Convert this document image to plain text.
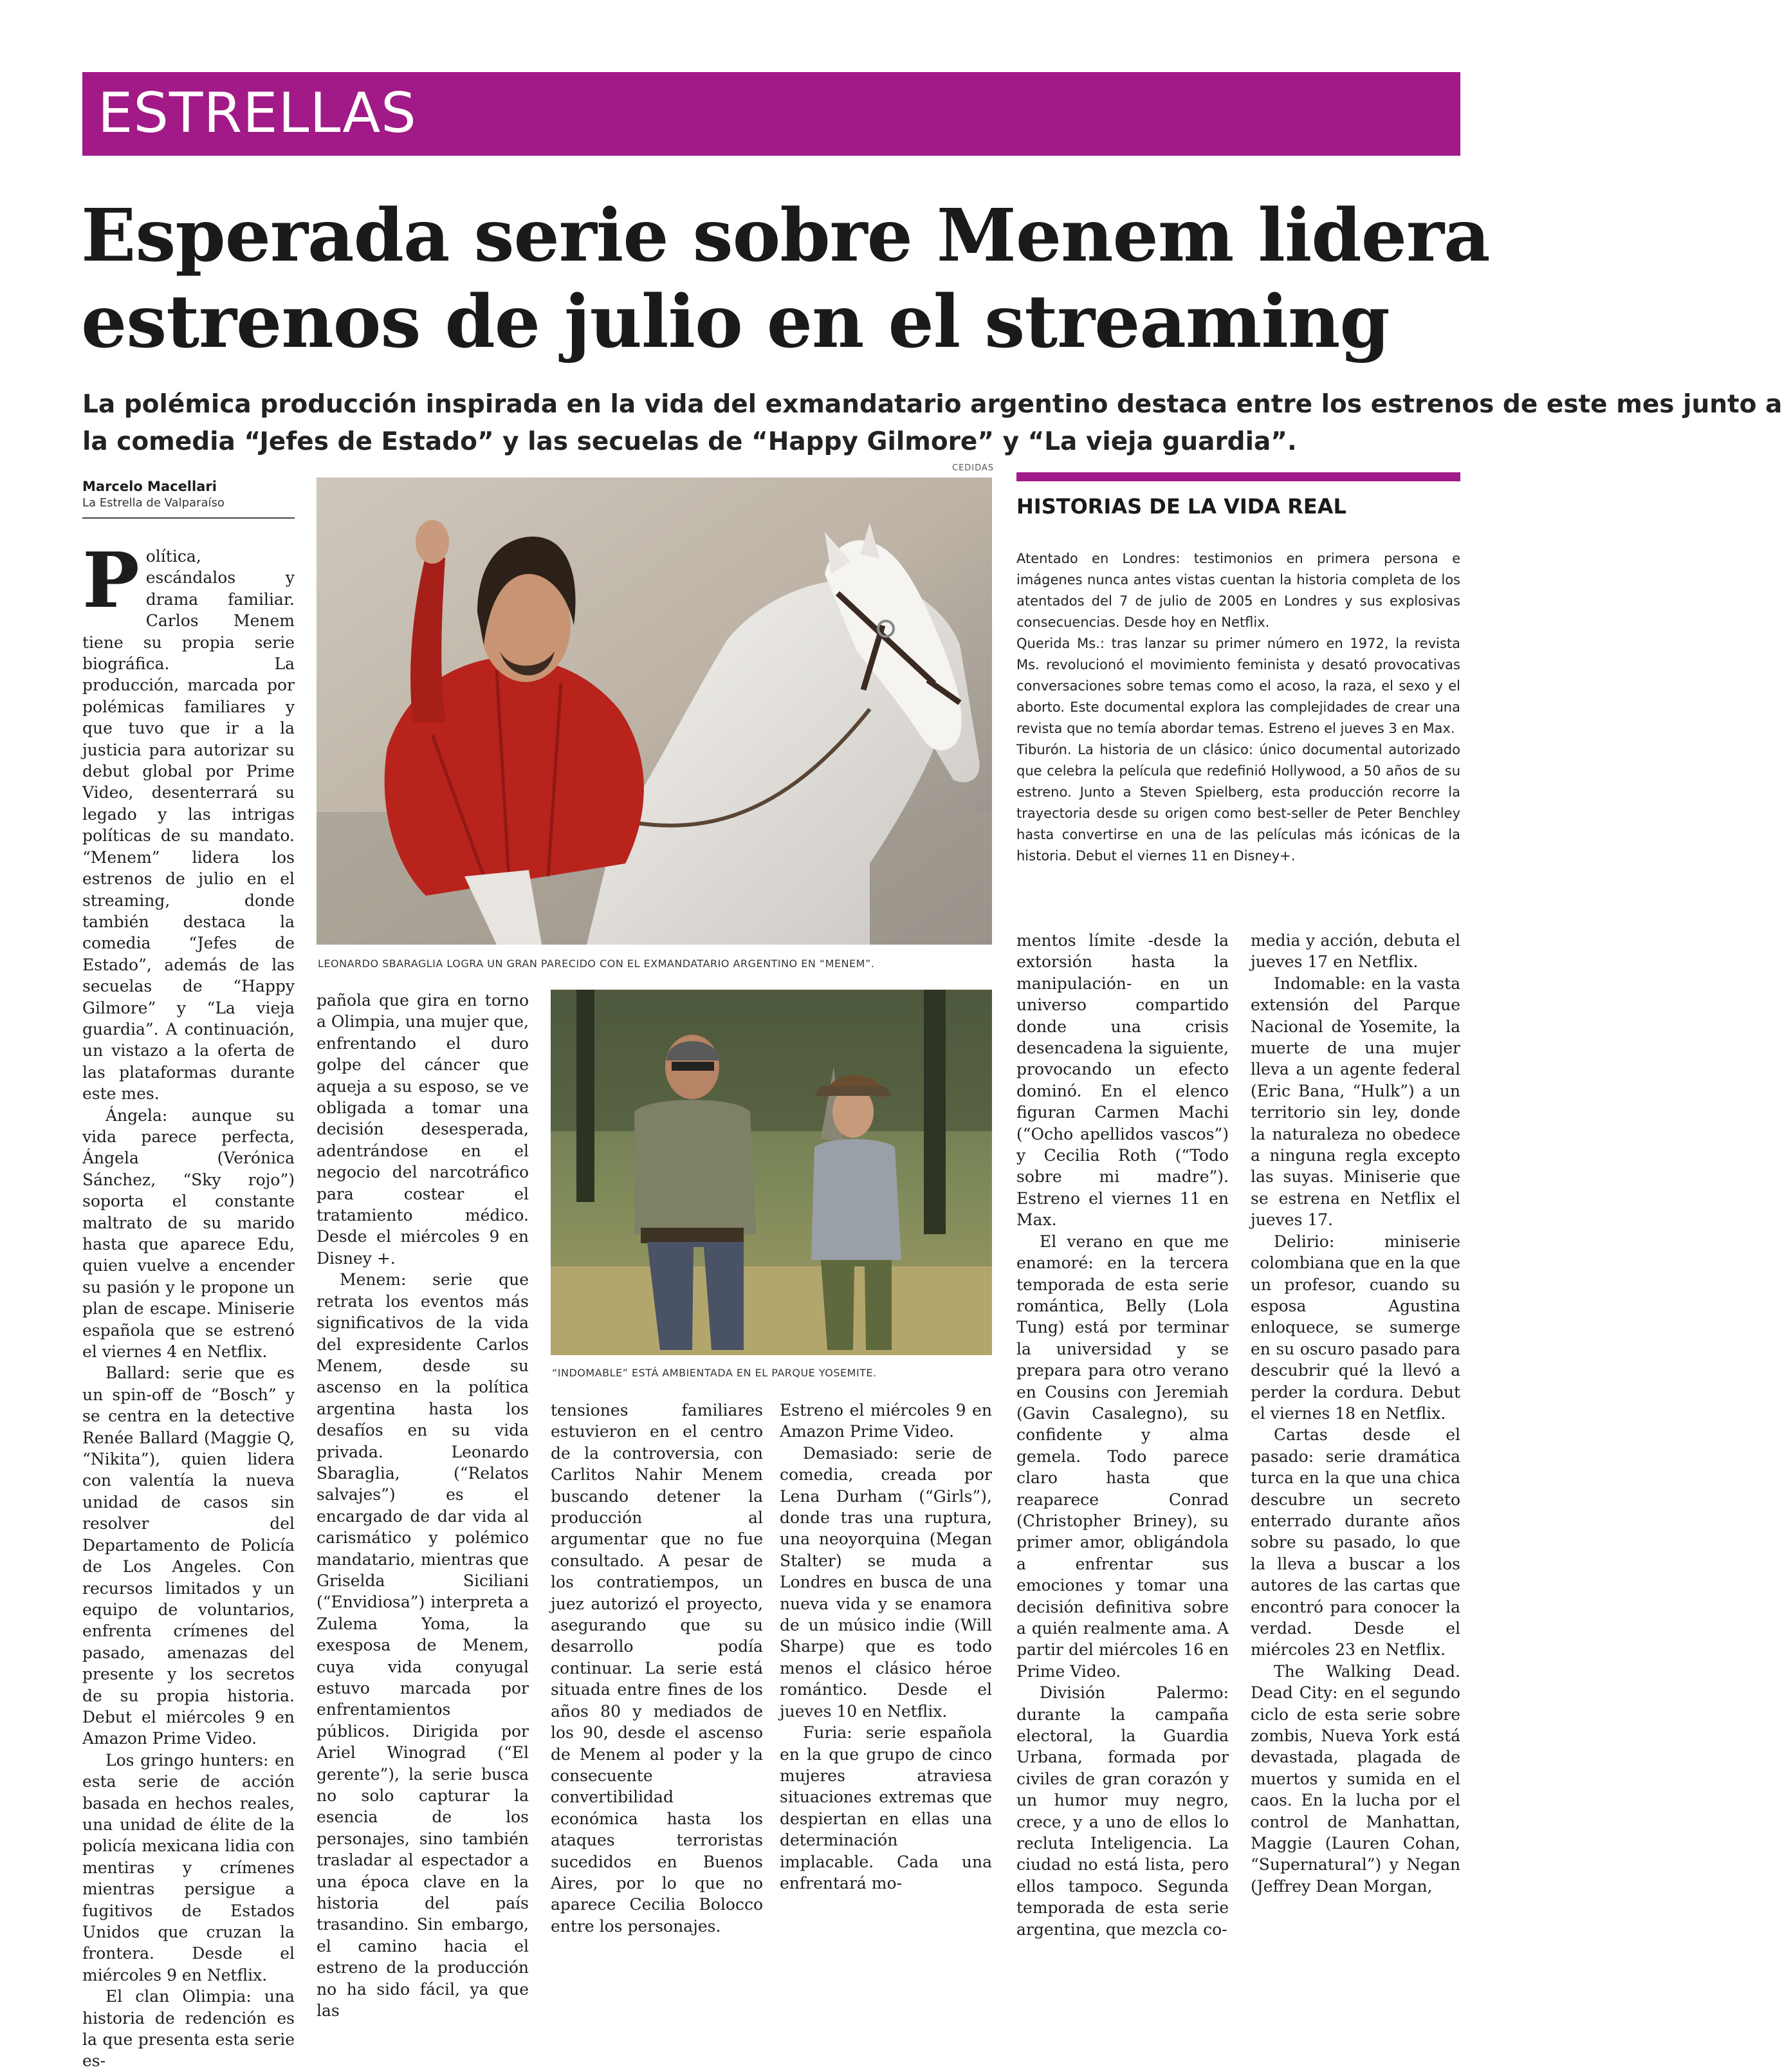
ESTRELLAS
Esperada serie sobre Menem lidera
estrenos de julio en el streaming
La polémica producción inspirada en la vida del exmandatario argentino destaca entre los estrenos de este mes junto a
la comedia “Jefes de Estado” y las secuelas de “Happy Gilmore” y “La vieja guardia”.
Marcelo Macellari
La Estrella de Valparaíso
CEDIDAS
LEONARDO SBARAGLIA LOGRA UN GRAN PARECIDO CON EL EXMANDATARIO ARGENTINO EN “MENEM”.
“INDOMABLE” ESTÁ AMBIENTADA EN EL PARQUE YOSEMITE.

Política, escándalos y drama familiar. Carlos Menem tiene su propia serie biográfica. La producción, marcada por polémicas familiares y que tuvo que ir a la justicia para autorizar su debut global por Prime Video, desenterrará su legado y las intrigas políticas de su mandato. “Menem” lidera los estrenos de julio en el streaming, donde también destaca la comedia “Jefes de Estado”, además de las secuelas de “Happy Gilmore” y “La vieja guardia”. A continuación, un vistazo a la oferta de las plataformas durante este mes.

Ángela: aunque su vida parece perfecta, Ángela (Verónica Sánchez, “Sky rojo”) soporta el constante maltrato de su marido hasta que aparece Edu, quien vuelve a encender su pasión y le propone un plan de escape. Miniserie española que se estrenó el viernes 4 en Netflix.

Ballard: serie que es un spin-off de “Bosch” y se centra en la detective Renée Ballard (Maggie Q, “Nikita”), quien lidera con valentía la nueva unidad de casos sin resolver del Departamento de Policía de Los Angeles. Con recursos limitados y un equipo de voluntarios, enfrenta crímenes del pasado, amenazas del presente y los secretos de su propia historia. Debut el miércoles 9 en Amazon Prime Video.

Los gringo hunters: en esta serie de acción basada en hechos reales, una unidad de élite de la policía mexicana lidia con mentiras y crímenes mientras persigue a fugitivos de Estados Unidos que cruzan la frontera. Desde el miércoles 9 en Netflix.

El clan Olimpia: una historia de redención es la que presenta esta serie es-

pañola que gira en torno a Olimpia, una mujer que, enfrentando el duro golpe del cáncer que aqueja a su esposo, se ve obligada a tomar una decisión desesperada, adentrándose en el negocio del narcotráfico para costear el tratamiento médico. Desde el miércoles 9 en Disney +.

Menem: serie que retrata los eventos más significativos de la vida del expresidente Carlos Menem, desde su ascenso en la política argentina hasta los desafíos en su vida privada. Leonardo Sbaraglia, (“Relatos salvajes”) es el encargado de dar vida al carismático y polémico mandatario, mientras que Griselda Siciliani (“Envidiosa”) interpreta a Zulema Yoma, la exesposa de Menem, cuya vida conyugal estuvo marcada por enfrentamientos públicos. Dirigida por Ariel Winograd (“El gerente”), la serie busca no solo capturar la esencia de los personajes, sino también trasladar al espectador a una época clave en la historia del país trasandino. Sin embargo, el camino hacia el estreno de la producción no ha sido fácil, ya que las

tensiones familiares estuvieron en el centro de la controversia, con Carlitos Nahir Menem buscando detener la producción al argumentar que no fue consultado. A pesar de los contratiempos, un juez autorizó el proyecto, asegurando que su desarrollo podía continuar. La serie está situada entre fines de los años 80 y mediados de los 90, desde el ascenso de Menem al poder y la consecuente convertibilidad económica hasta los ataques terroristas sucedidos en Buenos Aires, por lo que no aparece Cecilia Bolocco entre los personajes.

Estreno el miércoles 9 en Amazon Prime Video.

Demasiado: serie de comedia, creada por Lena Durham (“Girls”), donde tras una ruptura, una neoyorquina (Megan Stalter) se muda a Londres en busca de una nueva vida y se enamora de un músico indie (Will Sharpe) que es todo menos el clásico héroe romántico. Desde el jueves 10 en Netflix.

Furia: serie española en la que grupo de cinco mujeres atraviesa situaciones extremas que despiertan en ellas una determinación implacable. Cada una enfrentará mo-

mentos límite -desde la extorsión hasta la manipulación- en un universo compartido donde una crisis desencadena la siguiente, provocando un efecto dominó. En el elenco figuran Carmen Machi (“Ocho apellidos vascos”) y Cecilia Roth (“Todo sobre mi madre”). Estreno el viernes 11 en Max.

El verano en que me enamoré: en la tercera temporada de esta serie romántica, Belly (Lola Tung) está por terminar la universidad y se prepara para otro verano en Cousins con Jeremiah (Gavin Casalegno), su confidente y alma gemela. Todo parece claro hasta que reaparece Conrad (Christopher Briney), su primer amor, obligándola a enfrentar sus emociones y tomar una decisión definitiva sobre a quién realmente ama. A partir del miércoles 16 en Prime Video.

División Palermo: durante la campaña electoral, la Guardia Urbana, formada por civiles de gran corazón y un humor muy negro, crece, y a uno de ellos lo recluta Inteligencia. La ciudad no está lista, pero ellos tampoco. Segunda temporada de esta serie argentina, que mezcla co-

media y acción, debuta el jueves 17 en Netflix.

Indomable: en la vasta extensión del Parque Nacional de Yosemite, la muerte de una mujer lleva a un agente federal (Eric Bana, “Hulk”) a un territorio sin ley, donde la naturaleza no obedece a ninguna regla excepto las suyas. Miniserie que se estrena en Netflix el jueves 17.

Delirio: miniserie colombiana que en la que un profesor, cuando su esposa Agustina enloquece, se sumerge en su oscuro pasado para descubrir qué la llevó a perder la cordura. Debut el viernes 18 en Netflix.

Cartas desde el pasado: serie dramática turca en la que una chica descubre un secreto enterrado durante años sobre su pasado, lo que la lleva a buscar a los autores de las cartas que encontró para conocer la verdad. Desde el miércoles 23 en Netflix.

The Walking Dead. Dead City: en el segundo ciclo de esta serie sobre zombis, Nueva York está devastada, plagada de muertos y sumida en el caos. En la lucha por el control de Manhattan, Maggie (Lauren Cohan, “Supernatural”) y Negan (Jeffrey Dean Morgan,

HISTORIAS DE LA VIDA REAL

Atentado en Londres: testimonios en primera persona e imágenes nunca antes vistas cuentan la historia completa de los atentados del 7 de julio de 2005 en Londres y sus explosivas consecuencias. Desde hoy en Netflix.

Querida Ms.: tras lanzar su primer número en 1972, la revista Ms. revolucionó el movimiento feminista y desató provocativas conversaciones sobre temas como el acoso, la raza, el sexo y el aborto. Este documental explora las complejidades de crear una revista que no temía abordar temas. Estreno el jueves 3 en Max.

Tiburón. La historia de un clásico: único documental autorizado que celebra la película que redefinió Hollywood, a 50 años de su estreno. Junto a Steven Spielberg, esta producción recorre la trayectoria desde su origen como best-seller de Peter Benchley hasta convertirse en una de las películas más icónicas de la historia. Debut el viernes 11 en Disney+.
